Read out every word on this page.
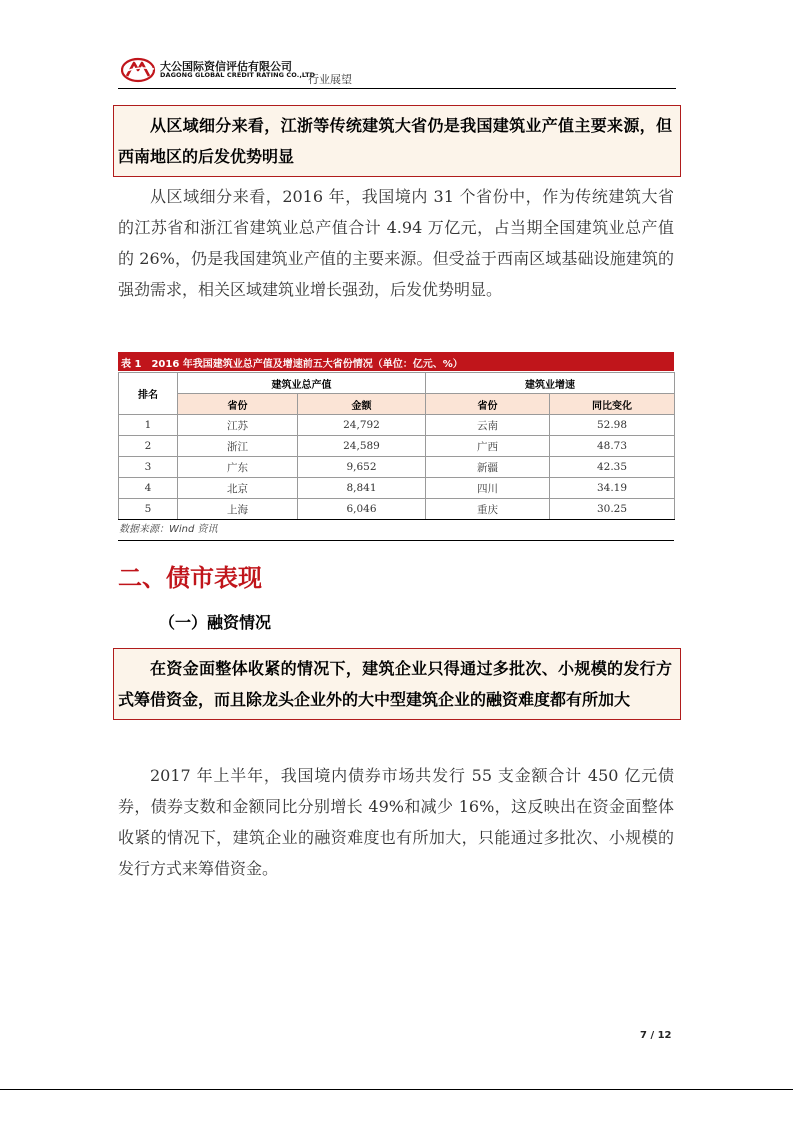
大公国际资信评估有限公司
DAGONG GLOBAL CREDIT RATING CO.,LTD
行业展望
从区域细分来看，江浙等传统建筑大省仍是我国建筑业产值主要来源，但西南地区的后发优势明显

从区域细分来看，2016 年，我国境内 31 个省份中，作为传统建筑大省的江苏省和浙江省建筑业总产值合计 4.94 万亿元，占当期全国建筑业总产值的 26%，仍是我国建筑业产值的主要来源。但受益于西南区域基础设施建筑的强劲需求，相关区域建筑业增长强劲，后发优势明显。

表 1　2016 年我国建筑业总产值及增速前五大省份情况（单位：亿元、%）
排名	建筑业总产值		建筑业增速	
	省份	金额	省份	同比变化
1	江苏	24,792	云南	52.98
2	浙江	24,589	广西	48.73
3	广东	9,652	新疆	42.35
4	北京	8,841	四川	34.19
5	上海	6,046	重庆	30.25
数据来源：Wind 资讯
二、债市表现
（一）融资情况
在资金面整体收紧的情况下，建筑企业只得通过多批次、小规模的发行方式筹借资金，而且除龙头企业外的大中型建筑企业的融资难度都有所加大

2017 年上半年，我国境内债券市场共发行 55 支金额合计 450 亿元债券，债券支数和金额同比分别增长 49%和减少 16%，这反映出在资金面整体收紧的情况下，建筑企业的融资难度也有所加大，只能通过多批次、小规模的发行方式来筹借资金。

7 / 12
